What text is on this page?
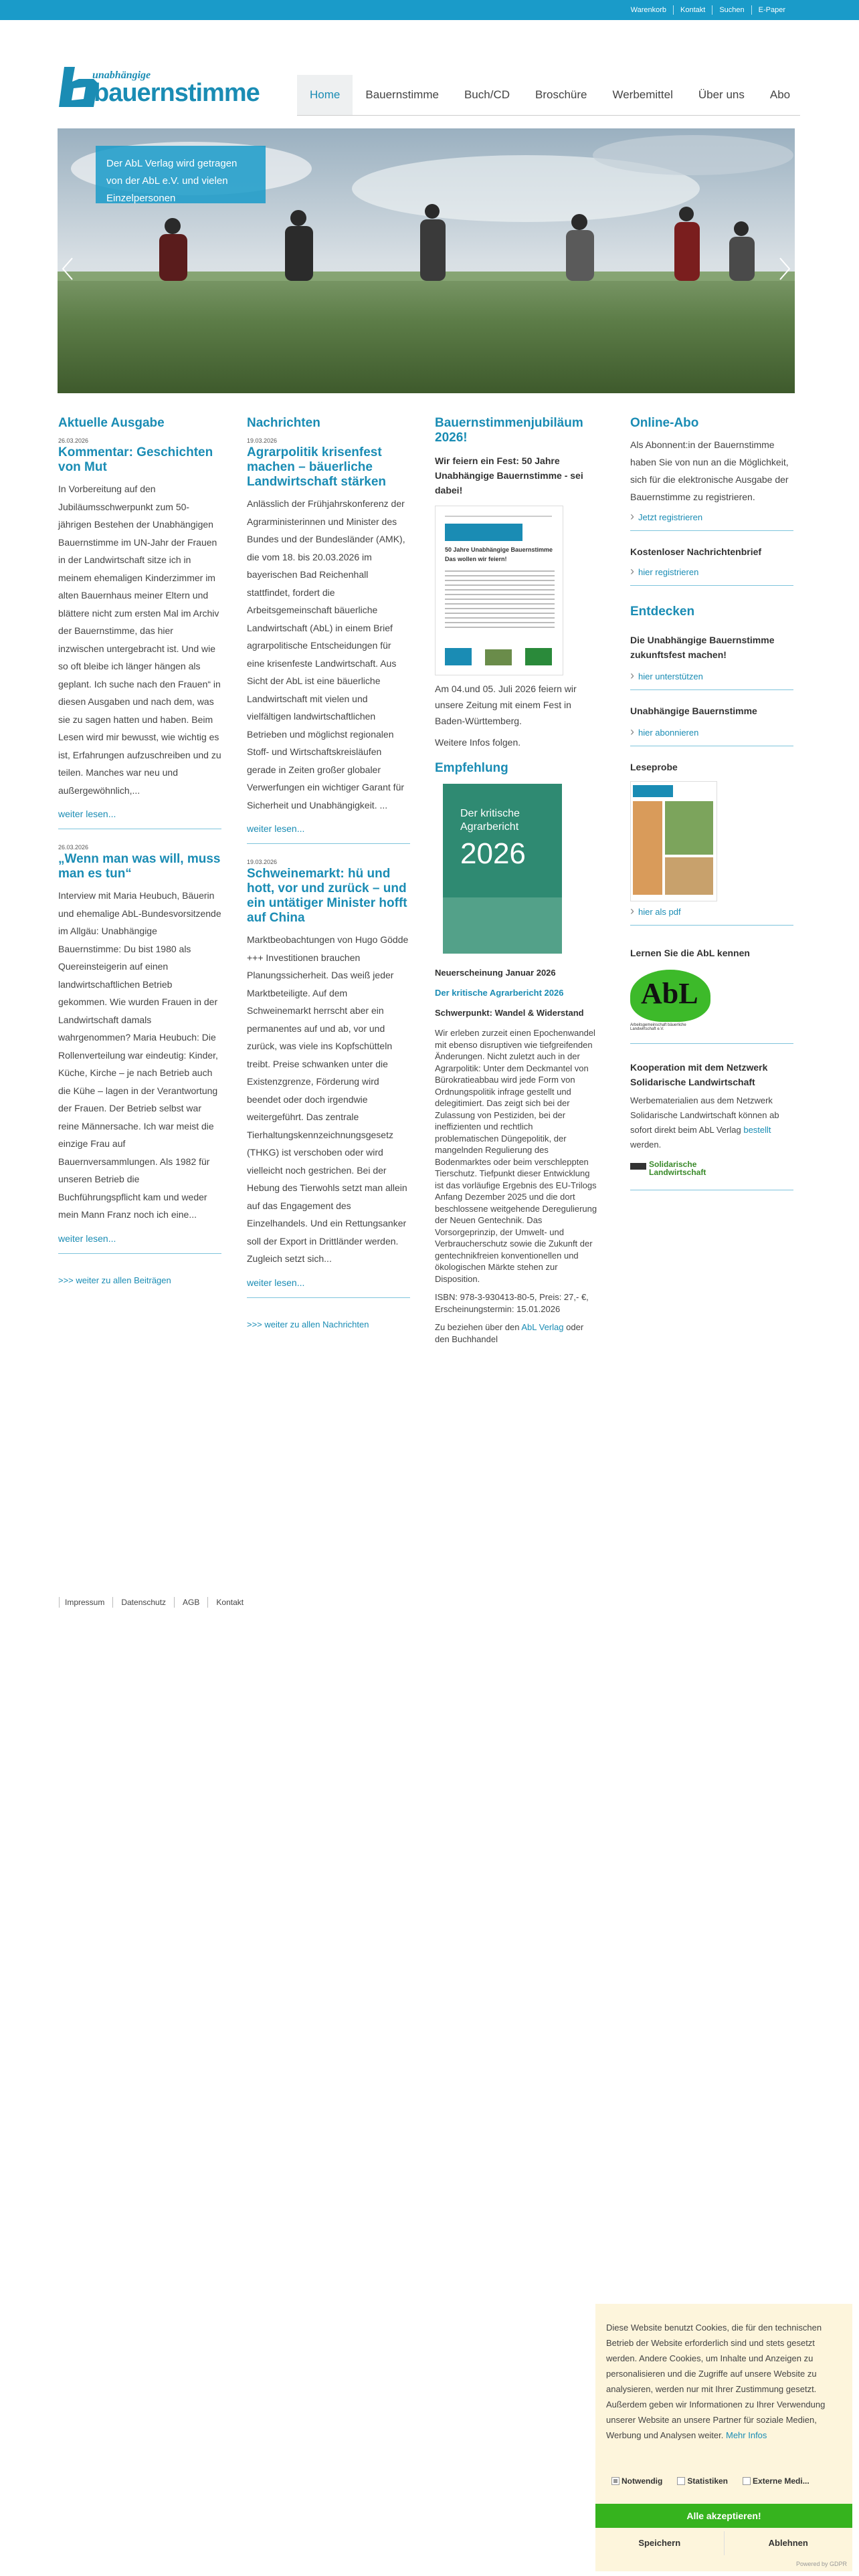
Warenkorb	Kontakt	Suchen	E-Paper
unabhängige
bauernstimme	Home	Bauernstimme	Buch/CD	Broschüre	Werbemittel	Über uns	Abo
Der AbL Verlag wird getragen von der AbL e.V. und vielen Einzelpersonen
Aktuelle Ausgabe
26.03.2026
Kommentar: Geschichten von Mut

In Vorbereitung auf den Jubiläumsschwerpunkt zum 50-jährigen Bestehen der Unabhängigen Bauernstimme im UN-Jahr der Frauen in der Landwirtschaft sitze ich in meinem ehemaligen Kinderzimmer im alten Bauernhaus meiner Eltern und blättere nicht zum ersten Mal im Archiv der Bauernstimme, das hier inzwischen untergebracht ist. Und wie so oft bleibe ich länger hängen als geplant. Ich suche nach den Frauen“ in diesen Ausgaben und nach dem, was sie zu sagen hatten und haben. Beim Lesen wird mir bewusst, wie wichtig es ist, Erfahrungen aufzuschreiben und zu teilen. Manches war neu und außergewöhnlich,...

weiter lesen...
26.03.2026
„Wenn man was will, muss man es tun“

Interview mit Maria Heubuch, Bäuerin und ehemalige AbL-Bundesvorsitzende im Allgäu: Unabhängige Bauernstimme: Du bist 1980 als Quereinsteigerin auf einen landwirtschaftlichen Betrieb gekommen. Wie wurden Frauen in der Landwirtschaft damals wahrgenommen? Maria Heubuch: Die Rollenverteilung war eindeutig: Kinder, Küche, Kirche – je nach Betrieb auch die Kühe – lagen in der Verantwortung der Frauen. Der Betrieb selbst war reine Männersache. Ich war meist die einzige Frau auf Bauernversammlungen. Als 1982 für unseren Betrieb die Buchführungspflicht kam und weder mein Mann Franz noch ich eine...

weiter lesen...
>>> weiter zu allen Beiträgen
Nachrichten
19.03.2026
Agrarpolitik krisenfest machen – bäuerliche Landwirtschaft stärken

Anlässlich der Frühjahrskonferenz der Agrarministerinnen und Minister des Bundes und der Bundesländer (AMK), die vom 18. bis 20.03.2026 im bayerischen Bad Reichenhall stattfindet, fordert die Arbeitsgemeinschaft bäuerliche Landwirtschaft (AbL) in einem Brief agrarpolitische Entscheidungen für eine krisenfeste Landwirtschaft. Aus Sicht der AbL ist eine bäuerliche Landwirtschaft mit vielen und vielfältigen landwirtschaftlichen Betrieben und möglichst regionalen Stoff- und Wirtschaftskreisläufen gerade in Zeiten großer globaler Verwerfungen ein wichtiger Garant für Sicherheit und Unabhängigkeit. ...

weiter lesen...
19.03.2026
Schweinemarkt: hü und hott, vor und zurück – und ein untätiger Minister hofft auf China

Marktbeobachtungen von Hugo Gödde +++ Investitionen brauchen Planungssicherheit. Das weiß jeder Marktbeteiligte. Auf dem Schweinemarkt herrscht aber ein permanentes auf und ab, vor und zurück, was viele ins Kopfschütteln treibt. Preise schwanken unter die Existenzgrenze, Förderung wird beendet oder doch irgendwie weitergeführt. Das zentrale Tierhaltungskennzeichnungsgesetz (THKG) ist verschoben oder wird vielleicht noch gestrichen. Bei der Hebung des Tierwohls setzt man allein auf das Engagement des Einzelhandels. Und ein Rettungsanker soll der Export in Drittländer werden. Zugleich setzt sich...

weiter lesen...
>>> weiter zu allen Nachrichten
Bauernstimmenjubiläum 2026!

Wir feiern ein Fest: 50 Jahre Unabhängige Bauernstimme - sei dabei!

50 Jahre Unabhängige Bauernstimme
Das wollen wir feiern!

Am 04.und 05. Juli 2026 feiern wir unsere Zeitung mit einem Fest in Baden-Württemberg.

Weitere Infos folgen.

Empfehlung
Der kritische
Agrarbericht
2026

Neuerscheinung Januar 2026

Der kritische Agrarbericht 2026

Schwerpunkt: Wandel & Widerstand

Wir erleben zurzeit einen Epochenwandel mit ebenso disruptiven wie tiefgreifenden Änderungen. Nicht zuletzt auch in der Agrarpolitik: Unter dem Deckmantel von Bürokratieabbau wird jede Form von Ordnungspolitik infrage gestellt und delegitimiert. Das zeigt sich bei der Zulassung von Pestiziden, bei der ineffizienten und rechtlich problematischen Düngepolitik, der mangelnden Regulierung des Bodenmarktes oder beim verschleppten Tierschutz. Tiefpunkt dieser Entwicklung ist das vorläufige Ergebnis des EU-Trilogs Anfang Dezember 2025 und die dort beschlossene weitgehende Deregulierung der Neuen Gentechnik. Das Vorsorgeprinzip, der Umwelt- und Verbraucherschutz sowie die Zukunft der gentechnikfreien konventionellen und ökologischen Märkte stehen zur Disposition.

ISBN: 978-3-930413-80-5, Preis: 27,- €, Erscheinungstermin: 15.01.2026

Zu beziehen über den AbL Verlag oder den Buchhandel

Online-Abo

Als Abonnent:in der Bauernstimme haben Sie von nun an die Möglichkeit, sich für die elektronische Ausgabe der Bauernstimme zu registrieren.

› Jetzt registrieren

Kostenloser Nachrichtenbrief

› hier registrieren
Entdecken

Die Unabhängige Bauernstimme zukunftsfest machen!

› hier unterstützen

Unabhängige Bauernstimme

› hier abonnieren

Leseprobe

› hier als pdf

Lernen Sie die AbL kennen

AbL
Arbeitsgemeinschaft bäuerliche Landwirtschaft e.V.

Kooperation mit dem Netzwerk Solidarische Landwirtschaft

Werbematerialien aus dem Netzwerk Solidarische Landwirtschaft können ab sofort direkt beim AbL Verlag bestellt werden.

Solidarische Landwirtschaft
Impressum	Datenschutz	AGB	Kontakt

Diese Website benutzt Cookies, die für den technischen Betrieb der Website erforderlich sind und stets gesetzt werden. Andere Cookies, um Inhalte und Anzeigen zu personalisieren und die Zugriffe auf unsere Website zu analysieren, werden nur mit Ihrer Zustimmung gesetzt. Außerdem geben wir Informationen zu Ihrer Verwendung unserer Website an unsere Partner für soziale Medien, Werbung und Analysen weiter. Mehr Infos

Notwendig	Statistiken	Externe Medi...
Alle akzeptieren!
Speichern	Ablehnen
Powered by GDPR
